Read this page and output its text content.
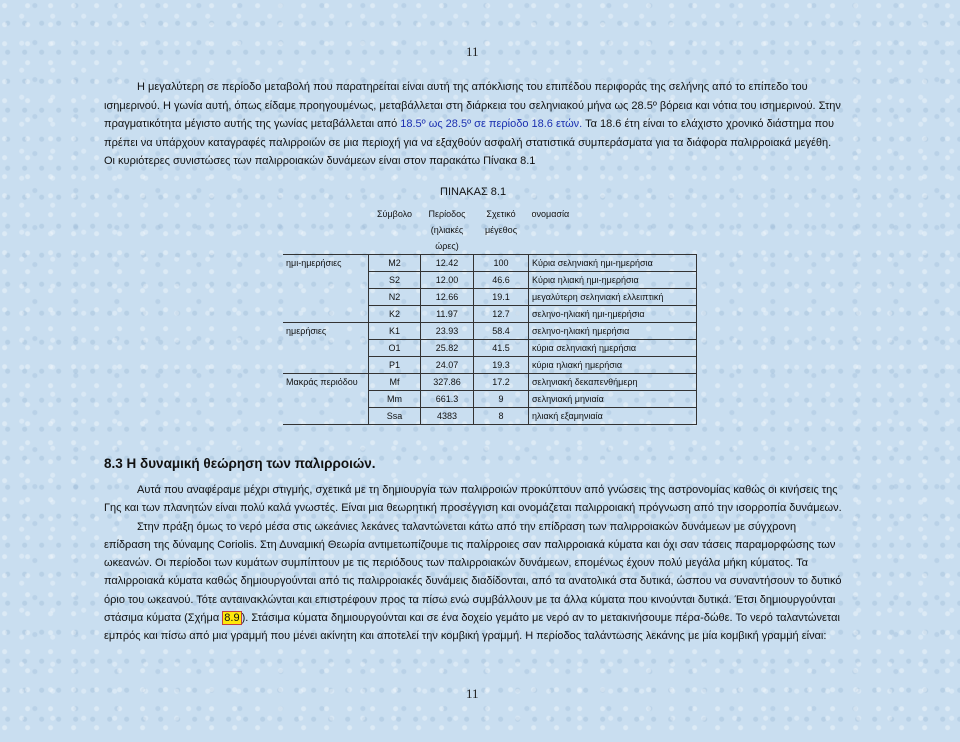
11
Η μεγαλύτερη σε περίοδο μεταβολή που παρατηρείται είναι αυτή της απόκλισης του επιπέδου περιφοράς της σελήνης από το επίπεδο του ισημερινού. Η γωνία αυτή, όπως είδαμε προηγουμένως, μεταβάλλεται στη διάρκεια του σεληνιακού μήνα ως 28.5º βόρεια και νότια του ισημερινού. Στην πραγματικότητα μέγιστο αυτής της γωνίας μεταβάλλεται από 18.5º ως 28.5º σε περίοδο 18.6 ετών. Τα 18.6 έτη είναι το ελάχιστο χρονικό διάστημα που πρέπει να υπάρχουν καταγραφές παλιρροιών σε μια περιοχή για να εξαχθούν ασφαλή στατιστικά συμπεράσματα για τα διάφορα παλιρροιακά μεγέθη. Οι κυριότερες συνιστώσες των παλιρροιακών δυνάμεων είναι στον παρακάτω Πίνακα 8.1
ΠΙΝΑΚΑΣ 8.1
	Σύμβολο	Περίοδος (ηλιακές ώρες)	Σχετικό μέγεθος	ονομασία
ημι-ημερήσιες	M2	12.42	100	Κύρια σεληνιακή ημι-ημερήσια
	S2	12.00	46.6	Κύρια ηλιακή ημι-ημερήσια
	N2	12.66	19.1	μεγαλύτερη σεληνιακή ελλειπτική
	K2	11.97	12.7	σεληνο-ηλιακή ημι-ημερήσια
ημερήσιες	K1	23.93	58.4	σεληνο-ηλιακή ημερήσια
	O1	25.82	41.5	κύρια σεληνιακή ημερήσια
	P1	24.07	19.3	κύρια ηλιακή ημερήσια
Μακράς περιόδου	Mf	327.86	17.2	σεληνιακή δεκαπενθήμερη
	Mm	661.3	9	σεληνιακή μηνιαία
	Ssa	4383	8	ηλιακή εξαμηνιαία
8.3 Η δυναμική θεώρηση των παλιρροιών.
Αυτά που αναφέραμε μέχρι στιγμής, σχετικά με τη δημιουργία των παλιρροιών προκύπτουν από γνώσεις της αστρονομίας καθώς οι κινήσεις της Γης και των πλανητών είναι πολύ καλά γνωστές. Είναι μια θεωρητική προσέγγιση και ονομάζεται παλιρροιακή πρόγνωση από την ισορροπία δυνάμεων.
Στην πράξη όμως το νερό μέσα στις ωκεάνιες λεκάνες ταλαντώνεται κάτω από την επίδραση των παλιρροιακών δυνάμεων με σύγχρονη επίδραση της δύναμης Coriolis. Στη Δυναμική Θεωρία αντιμετωπίζουμε τις παλίρροιες σαν παλιρροιακά κύματα και όχι σαν τάσεις παραμορφώσης των ωκεανών. Οι περίοδοι των κυμάτων συμπίπτουν με τις περιόδους των παλιρροιακών δυνάμεων, επομένως έχουν πολύ μεγάλα μήκη κύματος. Τα παλιρροιακά κύματα καθώς δημιουργούνται από τις παλιρροιακές δυνάμεις διαδίδονται, από τα ανατολικά στα δυτικά, ώσπου να συναντήσουν το δυτικό όριο του ωκεανού. Τότε ανταινακλώνται και επιστρέφουν προς τα πίσω ενώ συμβάλλουν με τα άλλα κύματα που κινούνται δυτικά. Έτσι δημιουργούνται στάσιμα κύματα (Σχήμα 8.9 ). Στάσιμα κύματα δημιουργούνται και σε ένα δοχείο γεμάτο με νερό αν το μετακινήσουμε πέρα-δώθε. Το νερό ταλαντώνεται εμπρός και πίσω από μια γραμμή που μένει ακίνητη και αποτελεί την κομβική γραμμή. Η περίοδος ταλάντωσης λεκάνης με μία κομβική γραμμή είναι:
11
